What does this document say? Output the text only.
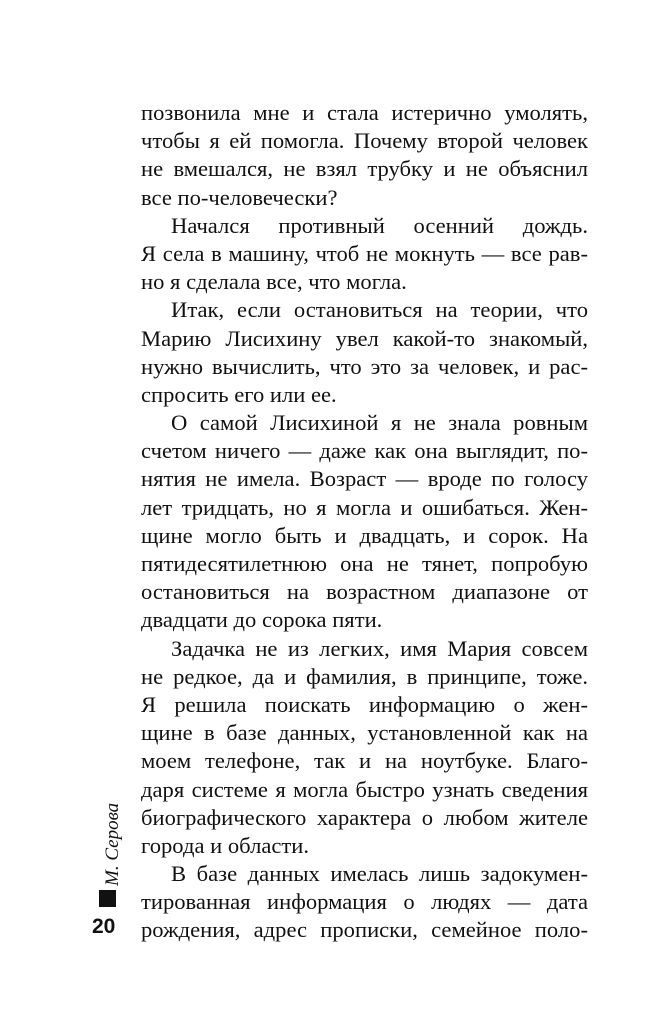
позвонила мне и стала истерично умолять,
чтобы я ей помогла. Почему второй человек
не вмешался, не взял трубку и не объяснил
все по-человечески?
Начался противный осенний дождь.
Я села в машину, чтоб не мокнуть — все рав-
но я сделала все, что могла.
Итак, если остановиться на теории, что
Марию Лисихину увел какой-то знакомый,
нужно вычислить, что это за человек, и рас-
спросить его или ее.
О самой Лисихиной я не знала ровным
счетом ничего — даже как она выглядит, по-
нятия не имела. Возраст — вроде по голосу
лет тридцать, но я могла и ошибаться. Жен-
щине могло быть и двадцать, и сорок. На
пятидесятилетнюю она не тянет, попробую
остановиться на возрастном диапазоне от
двадцати до сорока пяти.
Задачка не из легких, имя Мария совсем
не редкое, да и фамилия, в принципе, тоже.
Я решила поискать информацию о жен-
щине в базе данных, установленной как на
моем телефоне, так и на ноутбуке. Благо-
даря системе я могла быстро узнать сведения
биографического характера о любом жителе
города и области.
В базе данных имелась лишь задокумен-
тированная информация о людях — дата
рождения, адрес прописки, семейное поло-
М. Серова
20
